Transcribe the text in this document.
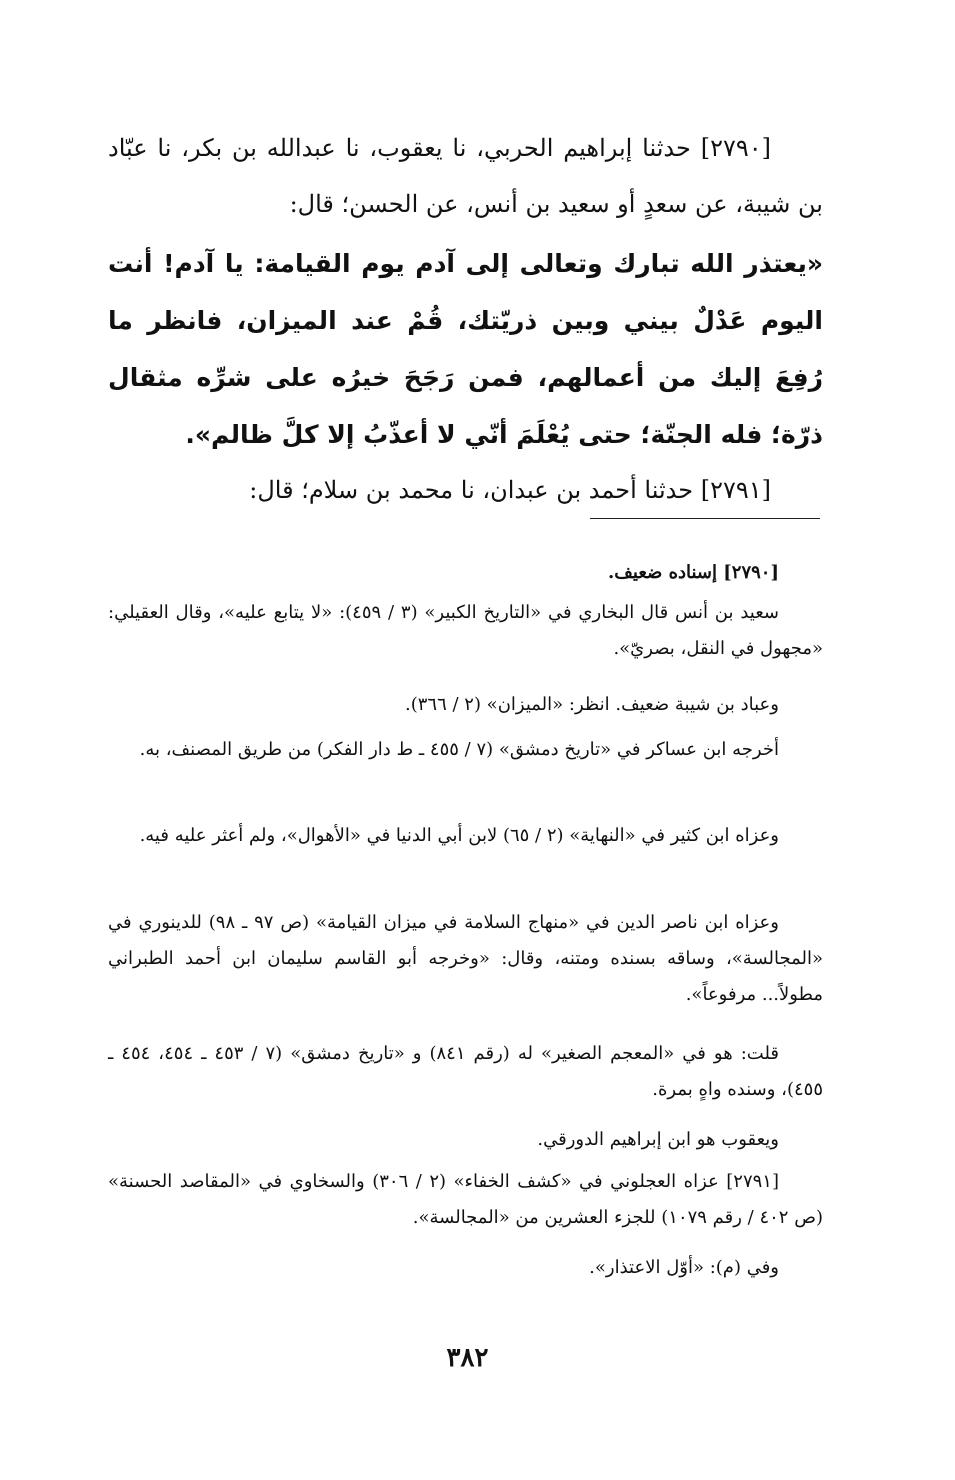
[٢٧٩٠] حدثنا إبراهيم الحربي، نا يعقوب، نا عبدالله بن بكر، نا عبّاد بن شيبة، عن سعدٍ أو سعيد بن أنس، عن الحسن؛ قال:
«يعتذر الله تبارك وتعالى إلى آدم يوم القيامة: يا آدم! أنت اليوم عَدْلٌ بيني وبين ذريّتك، قُمْ عند الميزان، فانظر ما رُفِعَ إليك من أعمالهم، فمن رَجَحَ خيرُه على شرِّه مثقال ذرّة؛ فله الجنّة؛ حتى يُعْلَمَ أنّي لا أعذّبُ إلا كلَّ ظالم».
[٢٧٩١] حدثنا أحمد بن عبدان، نا محمد بن سلام؛ قال:
[٢٧٩٠] إسناده ضعيف.
سعيد بن أنس قال البخاري في «التاريخ الكبير» (٣ / ٤٥٩): «لا يتابع عليه»، وقال العقيلي: «مجهول في النقل، بصريّ».
وعباد بن شيبة ضعيف. انظر: «الميزان» (٢ / ٣٦٦).
أخرجه ابن عساكر في «تاريخ دمشق» (٧ / ٤٥٥ ـ ط دار الفكر) من طريق المصنف، به.
وعزاه ابن كثير في «النهاية» (٢ / ٦٥) لابن أبي الدنيا في «الأهوال»، ولم أعثر عليه فيه.
وعزاه ابن ناصر الدين في «منهاج السلامة في ميزان القيامة» (ص ٩٧ ـ ٩٨) للدينوري في «المجالسة»، وساقه بسنده ومتنه، وقال: «وخرجه أبو القاسم سليمان ابن أحمد الطبراني مطولاً... مرفوعاً».
قلت: هو في «المعجم الصغير» له (رقم ٨٤١) و «تاريخ دمشق» (٧ / ٤٥٣ ـ ٤٥٤، ٤٥٤ ـ ٤٥٥)، وسنده واهٍ بمرة.
ويعقوب هو ابن إبراهيم الدورقي.
[٢٧٩١] عزاه العجلوني في «كشف الخفاء» (٢ / ٣٠٦) والسخاوي في «المقاصد الحسنة» (ص ٤٠٢ / رقم ١٠٧٩) للجزء العشرين من «المجالسة».
وفي (م): «أوّل الاعتذار».
٣٨٢
